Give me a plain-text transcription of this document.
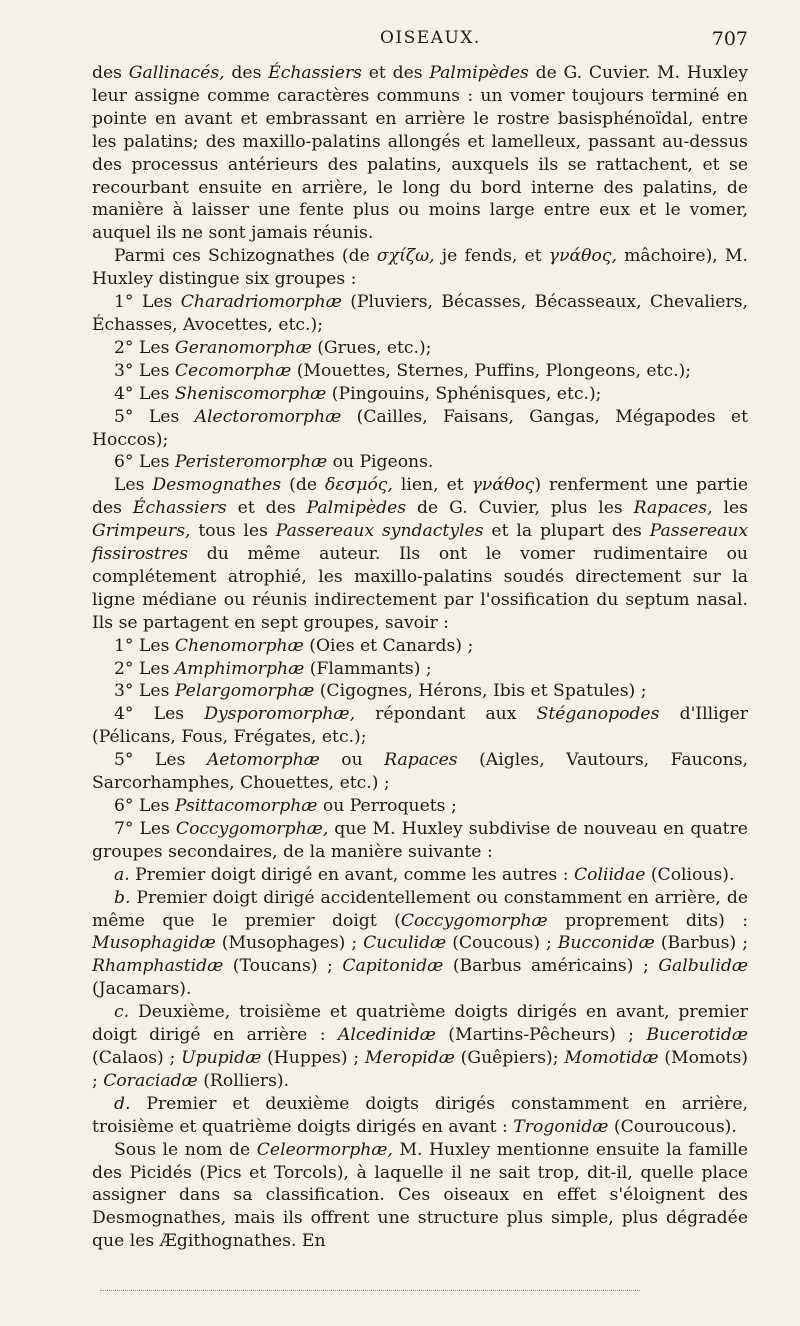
OISEAUX.	707

des Gallinacés, des Échassiers et des Palmipèdes de G. Cuvier. M. Huxley leur assigne comme caractères communs : un vomer toujours terminé en pointe en avant et embrassant en arrière le rostre basisphénoïdal, entre les palatins; des maxillo-palatins allongés et lamelleux, passant au-dessus des processus antérieurs des palatins, auxquels ils se rattachent, et se recourbant ensuite en arrière, le long du bord interne des palatins, de manière à laisser une fente plus ou moins large entre eux et le vomer, auquel ils ne sont jamais réunis.

Parmi ces Schizognathes (de σχίζω, je fends, et γνάθος, mâchoire), M. Huxley distingue six groupes :

1° Les Charadriomorphæ (Pluviers, Bécasses, Bécasseaux, Chevaliers, Échasses, Avocettes, etc.);

2° Les Geranomorphæ (Grues, etc.);

3° Les Cecomorphæ (Mouettes, Sternes, Puffins, Plongeons, etc.);

4° Les Sheniscomorphæ (Pingouins, Sphénisques, etc.);

5° Les Alectoromorphæ (Cailles, Faisans, Gangas, Mégapodes et Hoccos);

6° Les Peristeromorphæ ou Pigeons.

Les Desmognathes (de δεσμός, lien, et γνάθος) renferment une partie des Échassiers et des Palmipèdes de G. Cuvier, plus les Rapaces, les Grimpeurs, tous les Passereaux syndactyles et la plupart des Passereaux fissirostres du même auteur. Ils ont le vomer rudimentaire ou complétement atrophié, les maxillo-palatins soudés directement sur la ligne médiane ou réunis indirectement par l'ossification du septum nasal. Ils se partagent en sept groupes, savoir :

1° Les Chenomorphæ (Oies et Canards) ;

2° Les Amphimorphæ (Flammants) ;

3° Les Pelargomorphæ (Cigognes, Hérons, Ibis et Spatules) ;

4° Les Dysporomorphæ, répondant aux Stéganopodes d'Illiger (Pélicans, Fous, Frégates, etc.);

5° Les Aetomorphæ ou Rapaces (Aigles, Vautours, Faucons, Sarcorhamphes, Chouettes, etc.) ;

6° Les Psittacomorphæ ou Perroquets ;

7° Les Coccygomorphæ, que M. Huxley subdivise de nouveau en quatre groupes secondaires, de la manière suivante :

a. Premier doigt dirigé en avant, comme les autres : Coliidae (Colious).

b. Premier doigt dirigé accidentellement ou constamment en arrière, de même que le premier doigt (Coccygomorphæ proprement dits) : Musophagidæ (Musophages) ; Cuculidæ (Coucous) ; Bucconidæ (Barbus) ; Rhamphastidæ (Toucans) ; Capitonidæ (Barbus américains) ; Galbulidæ (Jacamars).

c. Deuxième, troisième et quatrième doigts dirigés en avant, premier doigt dirigé en arrière : Alcedinidæ (Martins-Pêcheurs) ; Bucerotidæ (Calaos) ; Upupidæ (Huppes) ; Meropidæ (Guêpiers); Momotidæ (Momots) ; Coraciadæ (Rolliers).

d. Premier et deuxième doigts dirigés constamment en arrière, troisième et quatrième doigts dirigés en avant : Trogonidæ (Couroucous).

Sous le nom de Celeormorphæ, M. Huxley mentionne ensuite la famille des Picidés (Pics et Torcols), à laquelle il ne sait trop, dit-il, quelle place assigner dans sa classification. Ces oiseaux en effet s'éloignent des Desmognathes, mais ils offrent une structure plus simple, plus dégradée que les Ægithognathes. En
